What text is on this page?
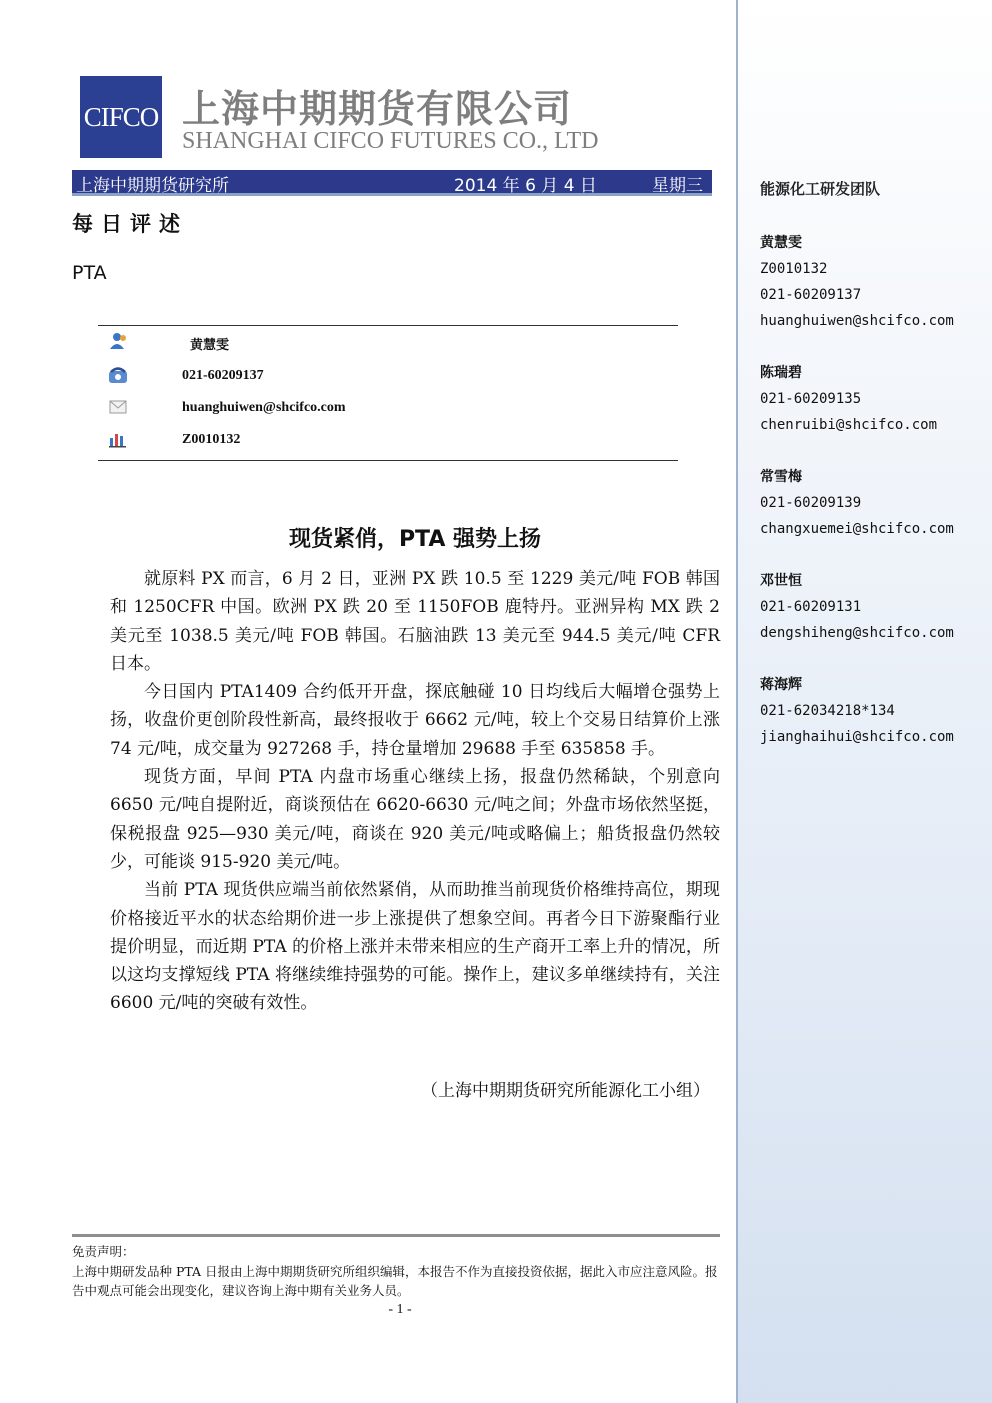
CIFCO 上海中期期货有限公司
SHANGHAI CIFCO FUTURES CO., LTD
上海中期期货研究所	2014 年 6 月 4 日	星期三
每日评述
PTA
黄慧雯
021-60209137
huanghuiwen@shcifco.com
Z0010132
现货紧俏，PTA 强势上扬

就原料 PX 而言，6 月 2 日，亚洲 PX 跌 10.5 至 1229 美元/吨 FOB 韩国和 1250CFR 中国。欧洲 PX 跌 20 至 1150FOB 鹿特丹。亚洲异构 MX 跌 2 美元至 1038.5 美元/吨 FOB 韩国。石脑油跌 13 美元至 944.5 美元/吨 CFR 日本。

今日国内 PTA1409 合约低开开盘，探底触碰 10 日均线后大幅增仓强势上扬，收盘价更创阶段性新高，最终报收于 6662 元/吨，较上个交易日结算价上涨 74 元/吨，成交量为 927268 手，持仓量增加 29688 手至 635858 手。

现货方面，早间 PTA 内盘市场重心继续上扬，报盘仍然稀缺，个别意向 6650 元/吨自提附近，商谈预估在 6620-6630 元/吨之间；外盘市场依然坚挺，保税报盘 925—930 美元/吨，商谈在 920 美元/吨或略偏上；船货报盘仍然较少，可能谈 915-920 美元/吨。

当前 PTA 现货供应端当前依然紧俏，从而助推当前现货价格维持高位，期现价格接近平水的状态给期价进一步上涨提供了想象空间。再者今日下游聚酯行业提价明显，而近期 PTA 的价格上涨并未带来相应的生产商开工率上升的情况，所以这均支撑短线 PTA 将继续维持强势的可能。操作上，建议多单继续持有，关注 6600 元/吨的突破有效性。

（上海中期期货研究所能源化工小组）
免责声明：
上海中期研发品种 PTA 日报由上海中期期货研究所组织编辑，本报告不作为直接投资依据，据此入市应注意风险。报告中观点可能会出现变化，建议咨询上海中期有关业务人员。
- 1 -
能源化工研发团队
黄慧雯
Z0010132
021-60209137
huanghuiwen@shcifco.com
陈瑞碧
021-60209135
chenruibi@shcifco.com
常雪梅
021-60209139
changxuemei@shcifco.com
邓世恒
021-60209131
dengshiheng@shcifco.com
蒋海辉
021-62034218*134
jianghaihui@shcifco.com
